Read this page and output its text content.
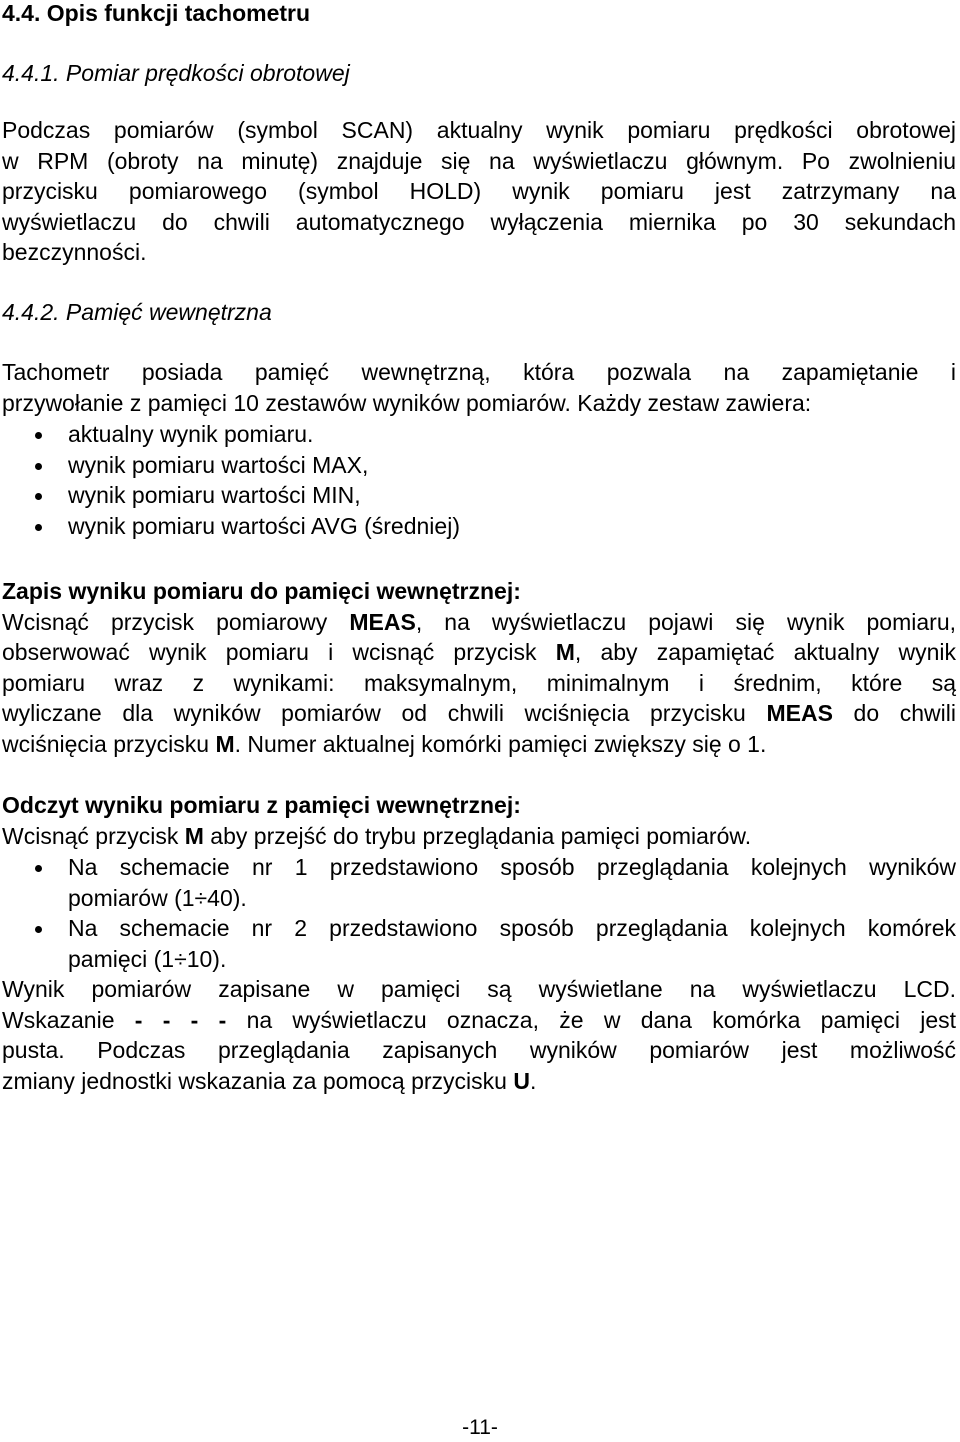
4.4. Opis funkcji tachometru
4.4.1. Pomiar prędkości obrotowej
Podczas pomiarów (symbol SCAN) aktualny wynik pomiaru prędkości obrotowej
w RPM (obroty na minutę) znajduje się na wyświetlaczu głównym. Po zwolnieniu
przycisku pomiarowego (symbol HOLD) wynik pomiaru jest zatrzymany na
wyświetlaczu do chwili automatycznego wyłączenia miernika po 30 sekundach
bezczynności.
4.4.2. Pamięć wewnętrzna
Tachometr posiada pamięć wewnętrzną, która pozwala na zapamiętanie i
przywołanie z pamięci 10 zestawów wyników pomiarów. Każdy zestaw zawiera:
aktualny wynik pomiaru.
wynik pomiaru wartości MAX,
wynik pomiaru wartości MIN,
wynik pomiaru wartości AVG (średniej)
Zapis wyniku pomiaru do pamięci wewnętrznej:
Wcisnąć przycisk pomiarowy MEAS, na wyświetlaczu pojawi się wynik pomiaru,
obserwować wynik pomiaru i wcisnąć przycisk M, aby zapamiętać aktualny wynik
pomiaru wraz z wynikami: maksymalnym, minimalnym i średnim, które są
wyliczane dla wyników pomiarów od chwili wciśnięcia przycisku MEAS do chwili
wciśnięcia przycisku M. Numer aktualnej komórki pamięci zwiększy się o 1.
Odczyt wyniku pomiaru z pamięci wewnętrznej:
Wcisnąć przycisk M aby przejść do trybu przeglądania pamięci pomiarów.
Na schemacie nr 1 przedstawiono sposób przeglądania kolejnych wyników
pomiarów (1÷40).
Na schemacie nr 2 przedstawiono sposób przeglądania kolejnych komórek
pamięci (1÷10).
Wynik pomiarów zapisane w pamięci są wyświetlane na wyświetlaczu LCD.
Wskazanie - - - - na wyświetlaczu oznacza, że w dana komórka pamięci jest
pusta. Podczas przeglądania zapisanych wyników pomiarów jest możliwość
zmiany jednostki wskazania za pomocą przycisku U.
-11-
